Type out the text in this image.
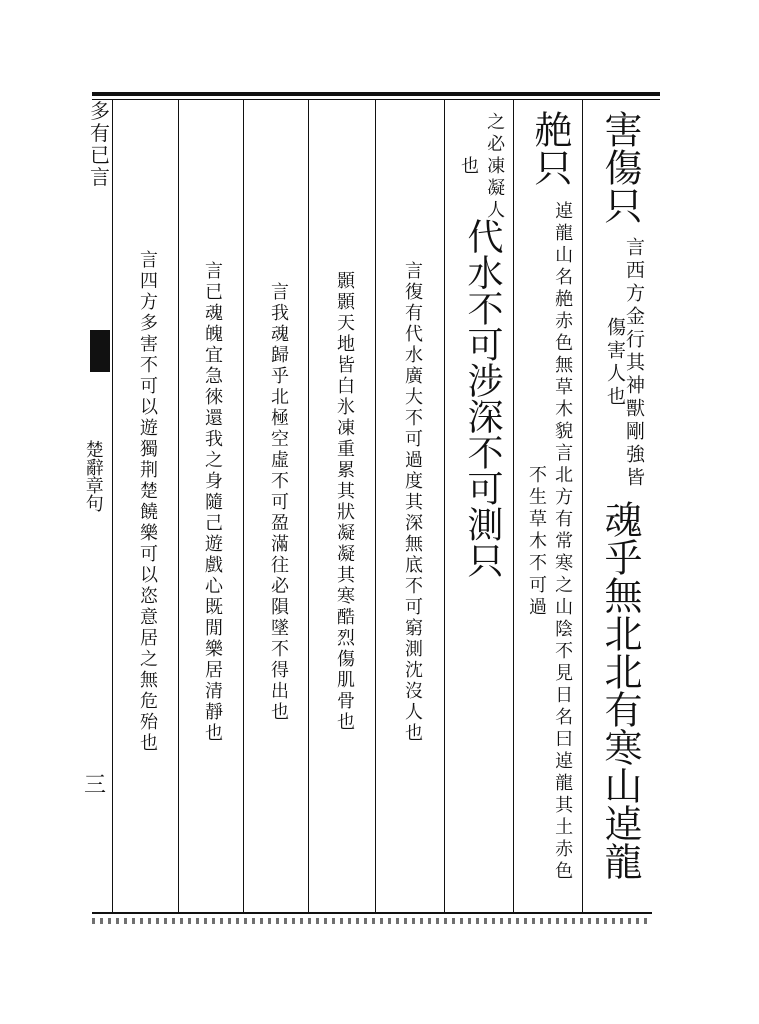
多有已言
楚辭章句
三
害傷只
言西方金行其神獸剛強皆傷害人也
魂乎無北北有寒山逴龍
赩只
逴龍山名赩赤色無草木貌言北方有常寒之山陰不見日名曰逴龍其土赤色不生草木不可過
之必凍凝人也
代水不可涉深不可測只
言復有代水廣大不可過度其深無底不可窮測沈沒人也
顥顥天地皆白氷凍重累其狀凝凝其寒酷烈傷肌骨也
言我魂歸乎北極空虛不可盈滿往必隕墜不得出也
言已魂魄宜急徠還我之身隨己遊戲心既閒樂居清靜也
言四方多害不可以遊獨荆楚饒樂可以恣意居之無危殆也
